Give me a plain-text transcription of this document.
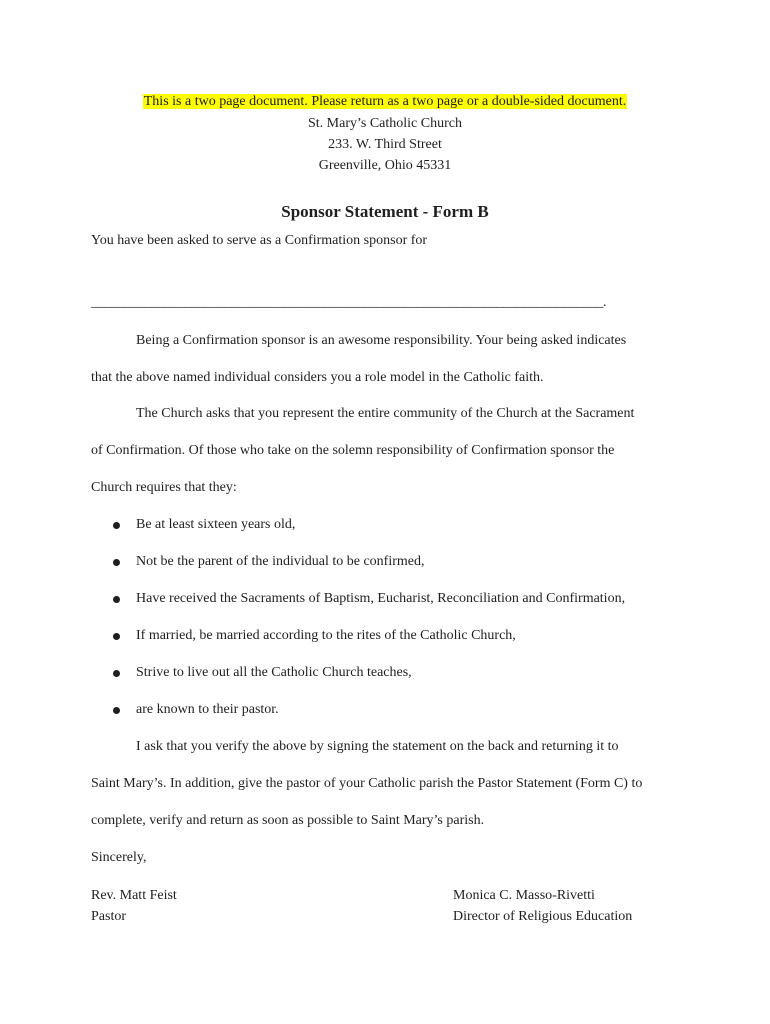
This is a two page document. Please return as a two page or a double-sided document.
St. Mary’s Catholic Church
233. W. Third Street
Greenville, Ohio 45331
Sponsor Statement - Form B
You have been asked to serve as a Confirmation sponsor for
_____________________________________________________________________________.
Being a Confirmation sponsor is an awesome responsibility. Your being asked indicates
that the above named individual considers you a role model in the Catholic faith.
The Church asks that you represent the entire community of the Church at the Sacrament
of Confirmation. Of those who take on the solemn responsibility of Confirmation sponsor the
Church requires that they:
Be at least sixteen years old,
Not be the parent of the individual to be confirmed,
Have received the Sacraments of Baptism, Eucharist, Reconciliation and Confirmation,
If married, be married according to the rites of the Catholic Church,
Strive to live out all the Catholic Church teaches,
are known to their pastor.
I ask that you verify the above by signing the statement on the back and returning it to
Saint Mary’s. In addition, give the pastor of your Catholic parish the Pastor Statement (Form C) to
complete, verify and return as soon as possible to Saint Mary’s parish.
Sincerely,
Rev. Matt Feist
Pastor
Monica C. Masso-Rivetti
Director of Religious Education
